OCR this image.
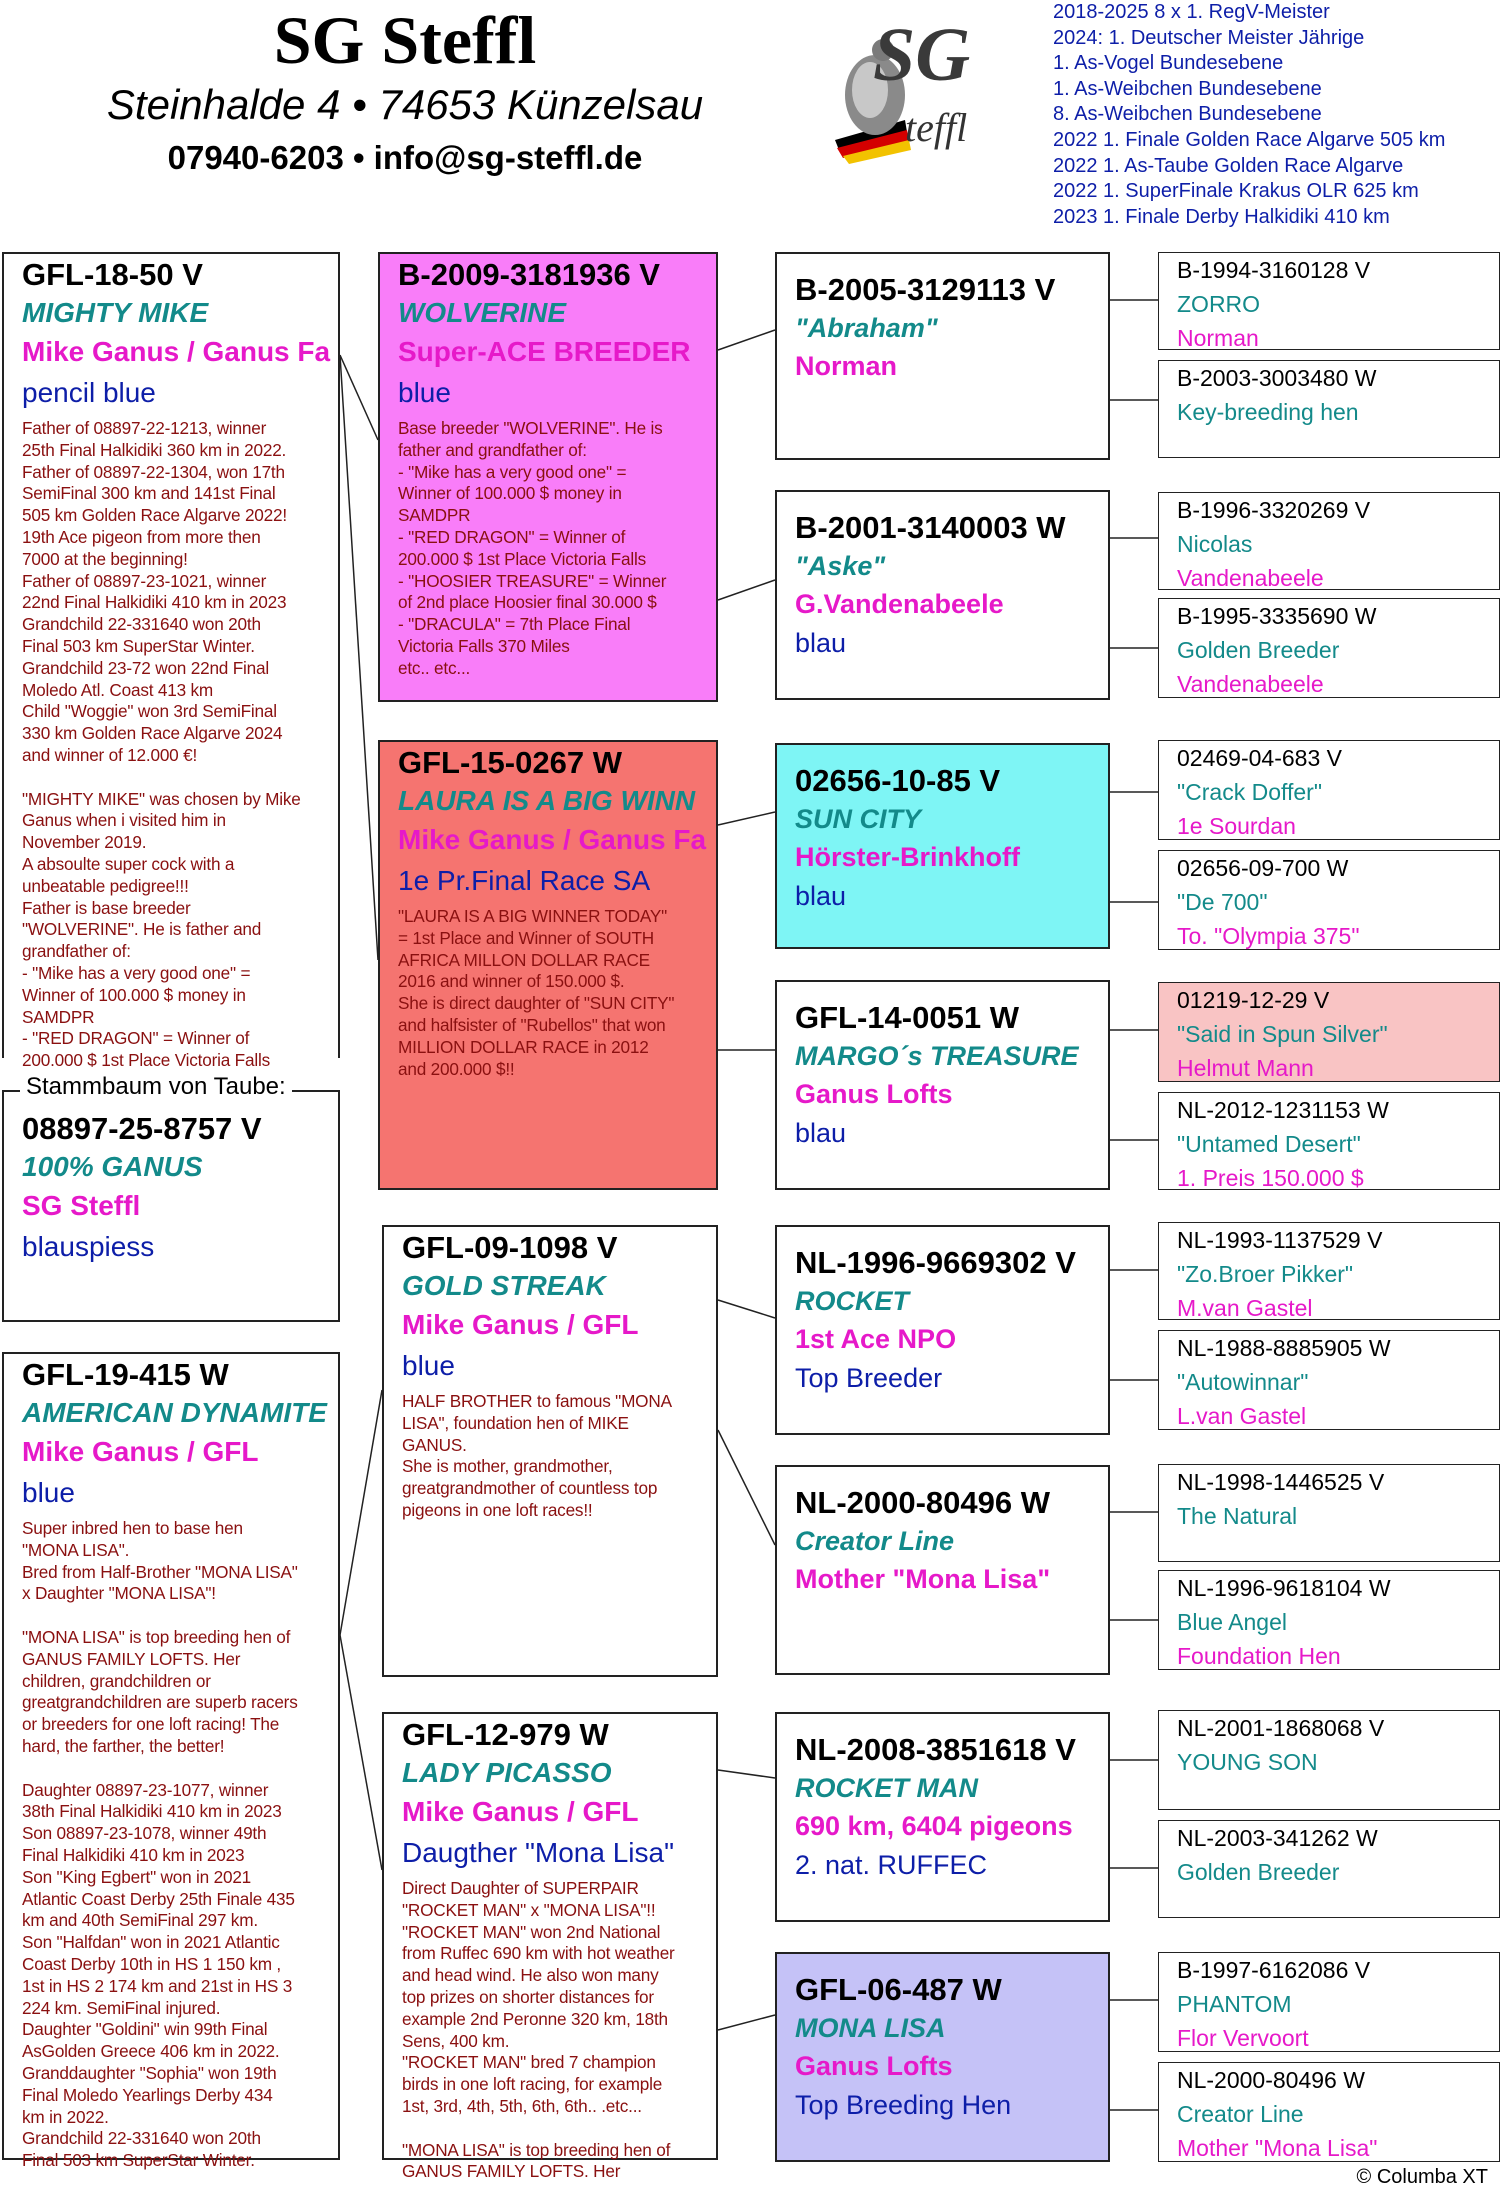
SG Steffl
Steinhalde 4 • 74653 Künzelsau
07940-6203 • info@sg-steffl.de
SG
teffl
2018-2025 8 x 1. RegV-Meister
2024: 1. Deutscher Meister Jährige
1. As-Vogel Bundesebene
1. As-Weibchen Bundesebene
8. As-Weibchen Bundesebene
2022 1. Finale Golden Race Algarve 505 km
2022 1. As-Taube Golden Race Algarve
2022 1. SuperFinale Krakus OLR 625 km
2023 1. Finale Derby Halkidiki 410 km
GFL-18-50 V
MIGHTY MIKE
Mike Ganus / Ganus Fa
pencil blue
Father of 08897-22-1213, winner
25th Final Halkidiki 360 km in 2022.
Father of 08897-22-1304, won 17th
SemiFinal 300 km and 141st Final
505 km Golden Race Algarve 2022!
19th Ace pigeon from more then
7000 at the beginning!
Father of 08897-23-1021, winner
22nd Final Halkidiki 410 km in 2023
Grandchild 22-331640 won 20th
Final 503 km SuperStar Winter.
Grandchild 23-72 won 22nd Final
Moledo Atl. Coast 413 km
Child "Woggie" won 3rd SemiFinal
330 km Golden Race Algarve 2024
and winner of 12.000 €!

"MIGHTY MIKE" was chosen by Mike
Ganus when i visited him in
November 2019.
A absoulte super cock with a
unbeatable pedigree!!!
Father is base breeder
"WOLVERINE". He is father and
grandfather of:
- "Mike has a very good one" =
Winner of 100.000 $ money in
SAMDPR
- "RED DRAGON" = Winner of
200.000 $ 1st Place Victoria Falls
08897-25-8757 V
100% GANUS
SG Steffl
blauspiess
Stammbaum von Taube:
GFL-19-415 W
AMERICAN DYNAMITE
Mike Ganus / GFL
blue
Super inbred hen to base hen
"MONA LISA".
Bred from Half-Brother "MONA LISA"
x Daughter "MONA LISA"!

"MONA LISA" is top breeding hen of
GANUS FAMILY LOFTS. Her
children, grandchildren or
greatgrandchildren are superb racers
or breeders for one loft racing! The
hard, the farther, the better!

Daughter 08897-23-1077, winner
38th Final Halkidiki 410 km in 2023
Son 08897-23-1078, winner 49th
Final Halkidiki 410 km in 2023
Son "King Egbert" won in 2021
Atlantic Coast Derby 25th Finale 435
km and 40th SemiFinal 297 km.
Son "Halfdan" won in 2021 Atlantic
Coast Derby 10th in HS 1 150 km ,
1st in HS 2 174 km and 21st in HS 3
224 km. SemiFinal injured.
Daughter "Goldini" win 99th Final
AsGolden Greece 406 km in 2022.
Granddaughter "Sophia" won 19th
Final Moledo Yearlings Derby 434
km in 2022.
Grandchild 22-331640 won 20th
Final 503 km SuperStar Winter.
B-2009-3181936 V
WOLVERINE
Super-ACE BREEDER
blue
Base breeder "WOLVERINE". He is
father and grandfather of:
- "Mike has a very good one" =
Winner of 100.000 $ money in
SAMDPR
- "RED DRAGON" = Winner of
200.000 $ 1st Place Victoria Falls
- "HOOSIER TREASURE" = Winner
of 2nd place Hoosier final 30.000 $
- "DRACULA" = 7th Place Final
Victoria Falls 370 Miles
etc.. etc...
GFL-15-0267 W
LAURA IS A BIG WINN
Mike Ganus / Ganus Fa
1e Pr.Final Race SA
"LAURA IS A BIG WINNER TODAY"
= 1st Place and Winner of SOUTH
AFRICA MILLON DOLLAR RACE
2016 and winner of 150.000 $.
She is direct daughter of "SUN CITY"
and halfsister of "Rubellos" that won
MILLION DOLLAR RACE in 2012
and 200.000 $!!
GFL-09-1098 V
GOLD STREAK
Mike Ganus / GFL
blue
HALF BROTHER to famous "MONA
LISA", foundation hen of MIKE
GANUS.
She is mother, grandmother,
greatgrandmother of countless top
pigeons in one loft races!!
GFL-12-979 W
LADY PICASSO
Mike Ganus / GFL
Daugther "Mona Lisa"
Direct Daughter of SUPERPAIR
"ROCKET MAN" x "MONA LISA"!!
"ROCKET MAN" won 2nd National
from Ruffec 690 km with hot weather
and head wind. He also won many
top prizes on shorter distances for
example 2nd Peronne 320 km, 18th
Sens, 400 km.
"ROCKET MAN" bred 7 champion
birds in one loft racing, for example
1st, 3rd, 4th, 5th, 6th, 6th.. .etc...

"MONA LISA" is top breeding hen of
GANUS FAMILY LOFTS. Her
B-2005-3129113 V
"Abraham"
Norman
B-2001-3140003 W
"Aske"
G.Vandenabeele
blau
02656-10-85 V
SUN CITY
Hörster-Brinkhoff
blau
GFL-14-0051 W
MARGO´s TREASURE
Ganus Lofts
blau
NL-1996-9669302 V
ROCKET
1st Ace NPO
Top Breeder
NL-2000-80496 W
Creator Line
Mother "Mona Lisa"
NL-2008-3851618 V
ROCKET MAN
690 km, 6404 pigeons
2. nat. RUFFEC
GFL-06-487 W
MONA LISA
Ganus Lofts
Top Breeding Hen
B-1994-3160128 V
ZORRO
Norman
B-2003-3003480 W
Key-breeding hen
B-1996-3320269 V
Nicolas
Vandenabeele
B-1995-3335690 W
Golden Breeder
Vandenabeele
02469-04-683 V
"Crack Doffer"
1e Sourdan
02656-09-700 W
"De 700"
To. "Olympia 375"
01219-12-29 V
"Said in Spun Silver"
Helmut Mann
NL-2012-1231153 W
"Untamed Desert"
1. Preis 150.000 $
NL-1993-1137529 V
"Zo.Broer Pikker"
M.van Gastel
NL-1988-8885905 W
"Autowinnar"
L.van Gastel
NL-1998-1446525 V
The Natural
NL-1996-9618104 W
Blue Angel
Foundation Hen
NL-2001-1868068 V
YOUNG SON
NL-2003-341262 W
Golden Breeder
B-1997-6162086 V
PHANTOM
Flor Vervoort
NL-2000-80496 W
Creator Line
Mother "Mona Lisa"
© Columba XT
